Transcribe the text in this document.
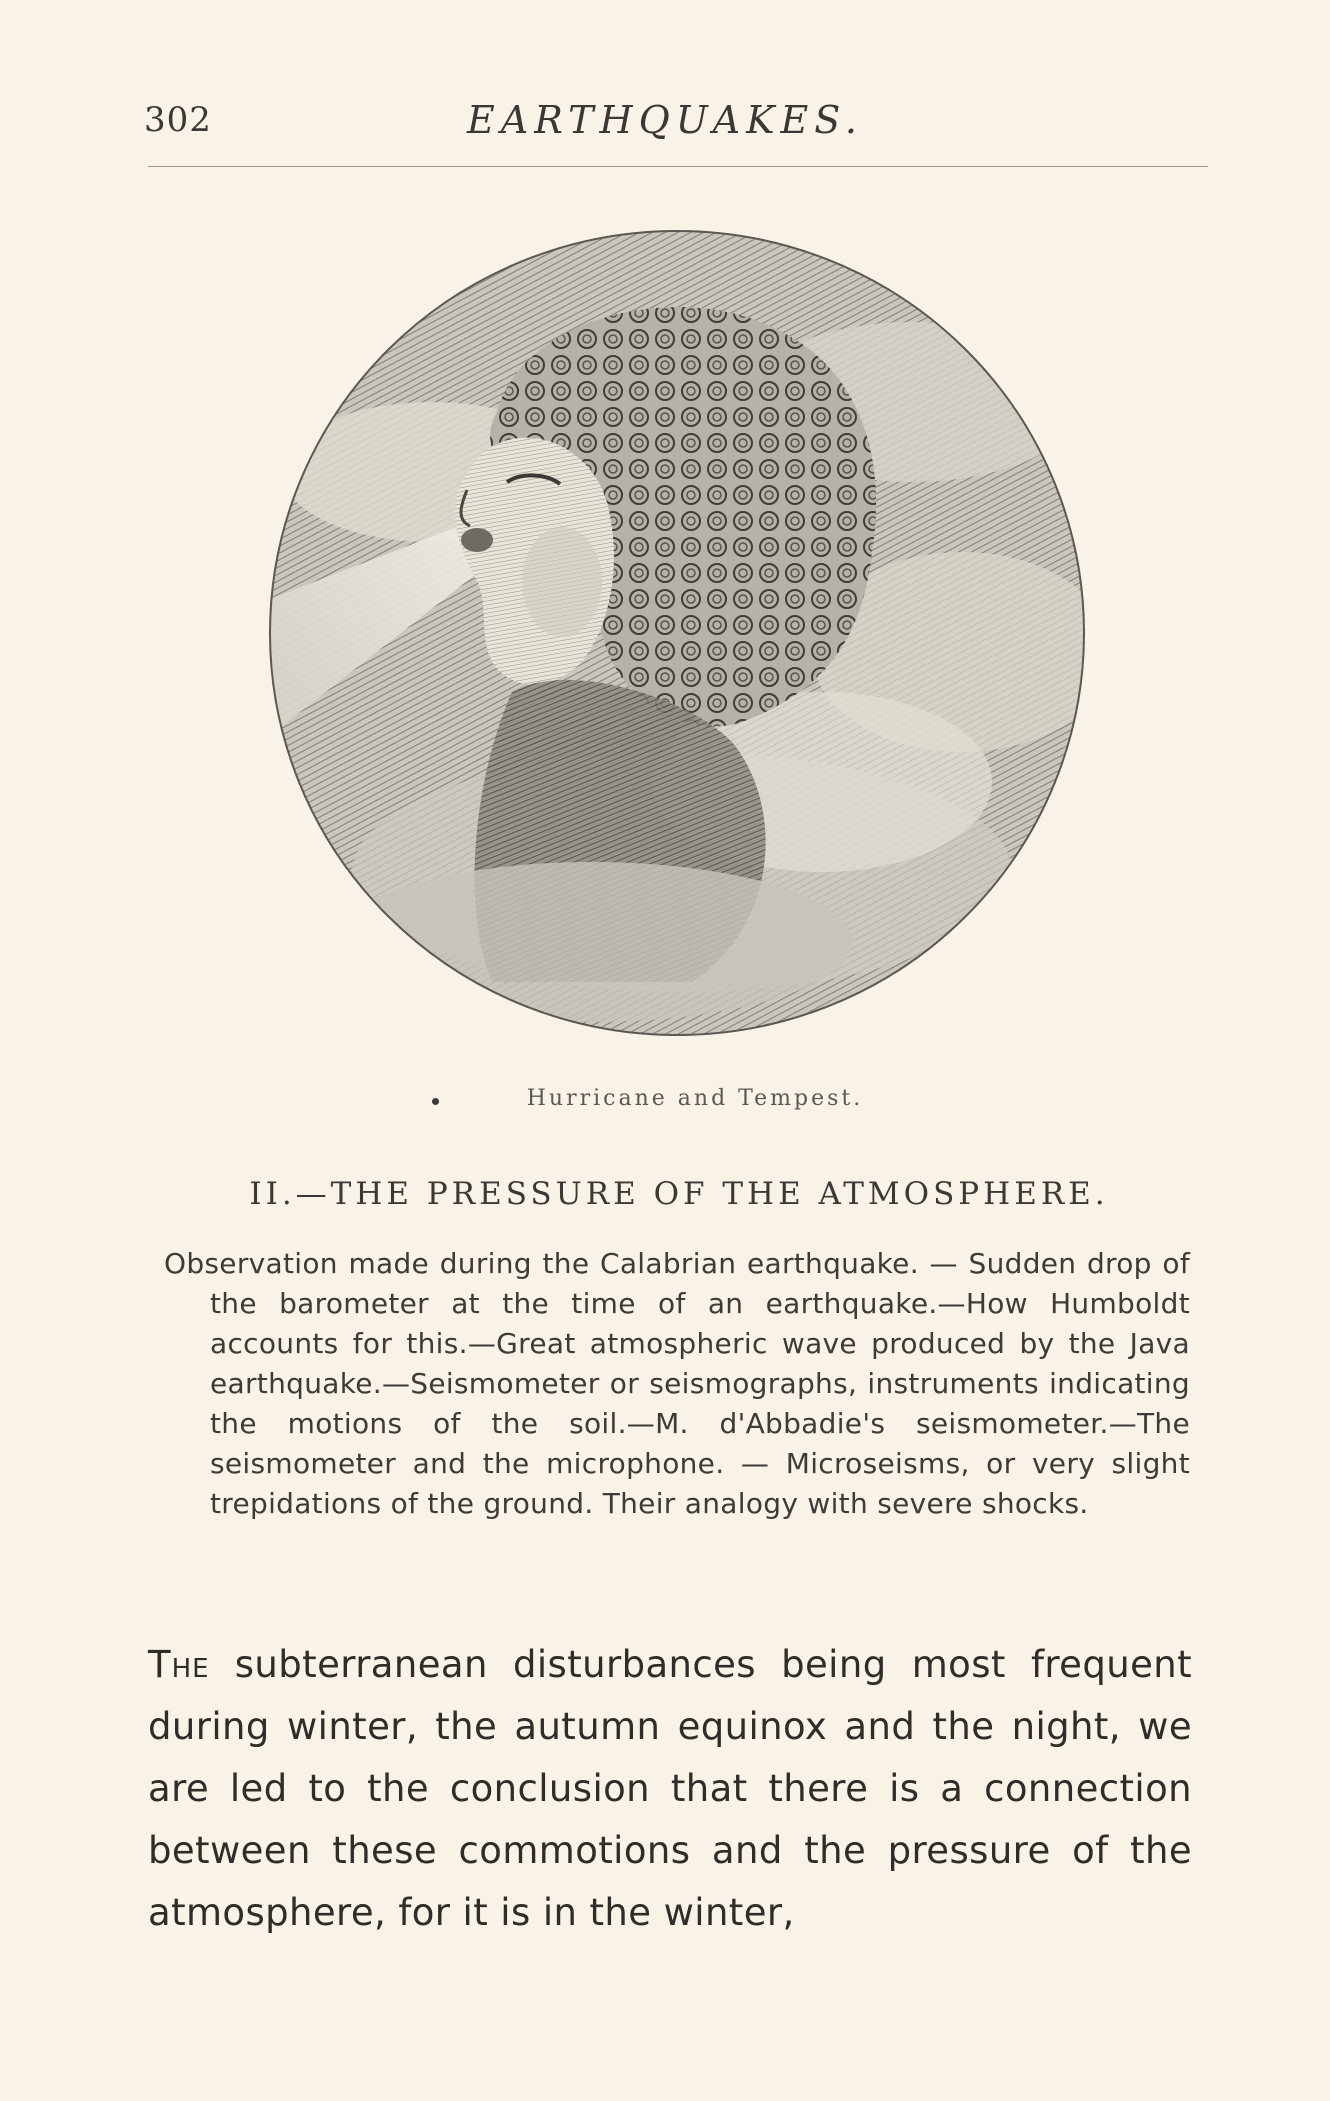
302	EARTHQUAKES.
Hurricane and Tempest.
II.—THE PRESSURE OF THE ATMOSPHERE.
Observation made during the Calabrian earthquake. — Sudden drop of the barometer at the time of an earthquake.—How Humboldt accounts for this.—Great atmospheric wave produced by the Java earthquake.—Seismometer or seismographs, instruments indicating the motions of the soil.—M. d'Abbadie's seismometer.—The seismometer and the microphone. — Microseisms, or very slight trepidations of the ground. Their analogy with severe shocks.
The subterranean disturbances being most frequent during winter, the autumn equinox and the night, we are led to the conclusion that there is a connection between these commotions and the pressure of the atmosphere, for it is in the winter,
